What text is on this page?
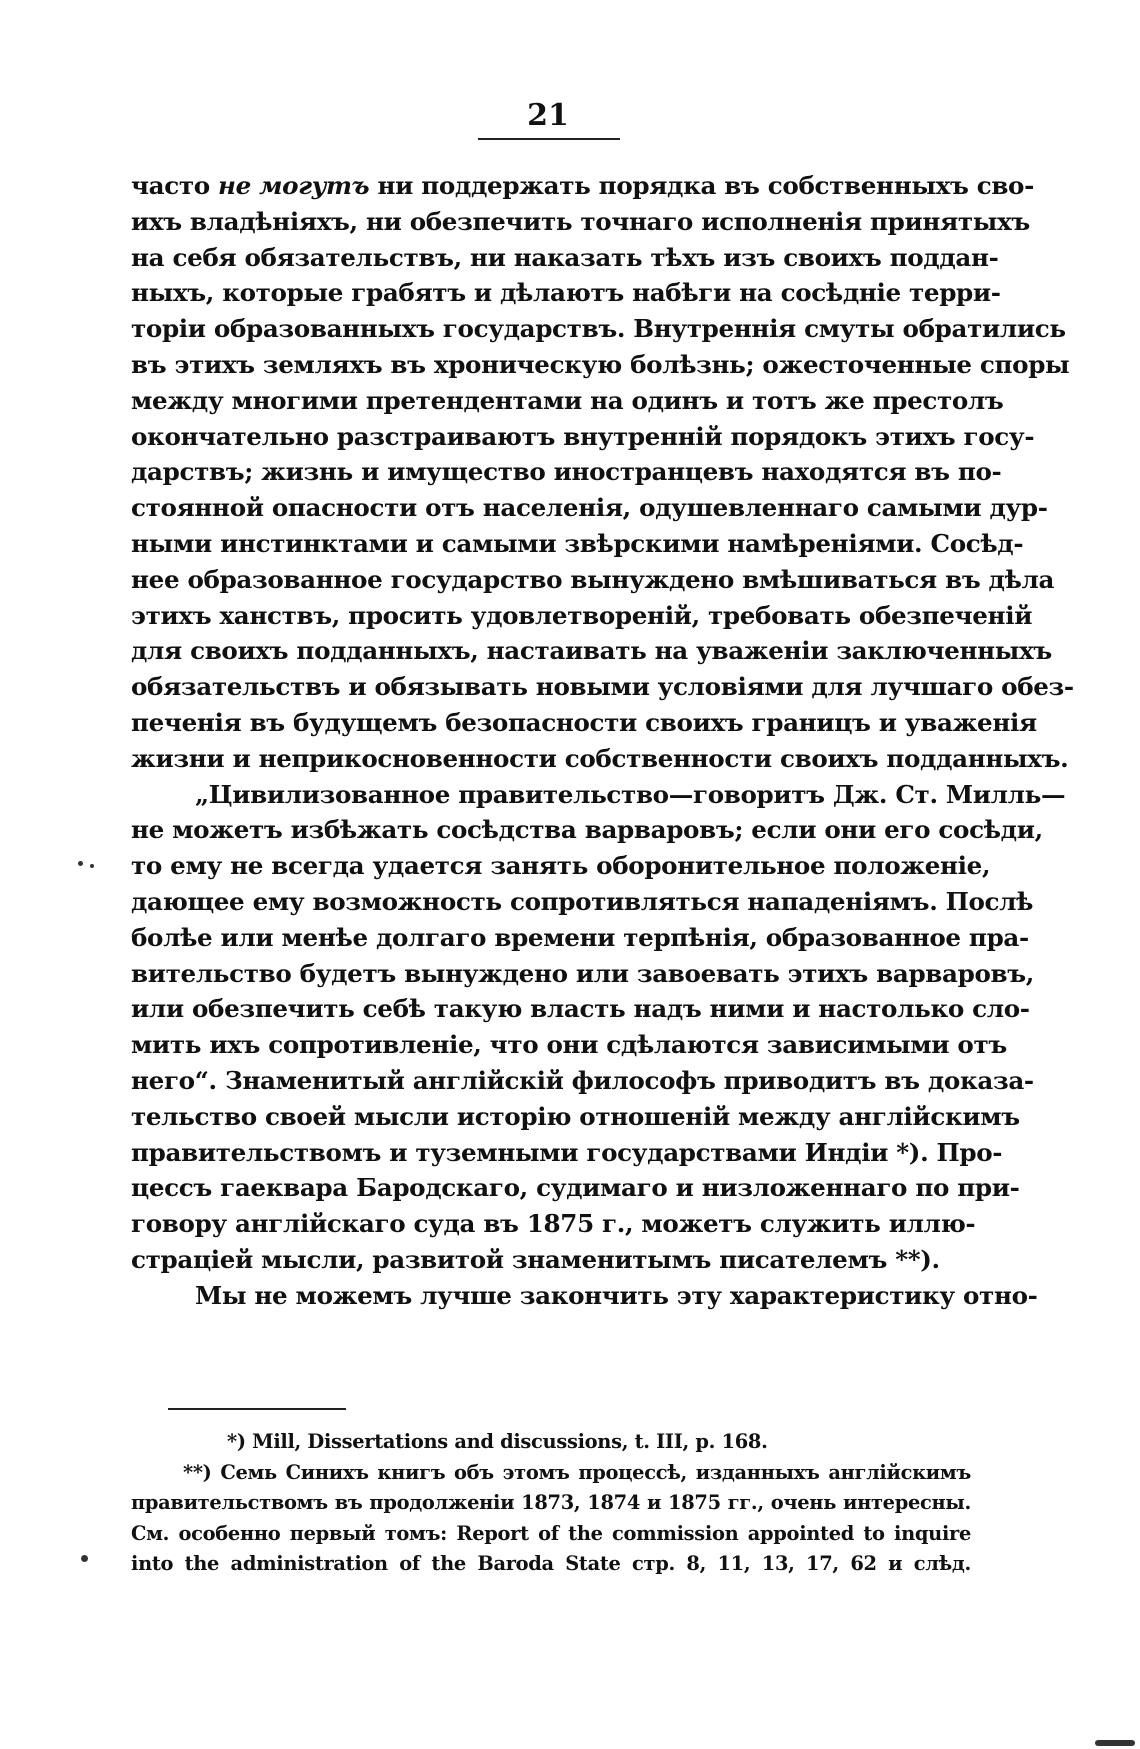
21
часто не могутъ ни поддержать порядка въ собственныхъ сво-
ихъ владѣніяхъ, ни обезпечить точнаго исполненія принятыхъ
на себя обязательствъ, ни наказать тѣхъ изъ своихъ поддан-
ныхъ, которые грабятъ и дѣлаютъ набѣги на сосѣдніе терри-
торіи образованныхъ государствъ. Внутреннія смуты обратились
въ этихъ земляхъ въ хроническую болѣзнь; ожесточенные споры
между многими претендентами на одинъ и тотъ же престолъ
окончательно разстраиваютъ внутренній порядокъ этихъ госу-
дарствъ; жизнь и имущество иностранцевъ находятся въ по-
стоянной опасности отъ населенія, одушевленнаго самыми дур-
ными инстинктами и самыми звѣрскими намѣреніями. Сосѣд-
нее образованное государство вынуждено вмѣшиваться въ дѣла
этихъ ханствъ, просить удовлетвореній, требовать обезпеченій
для своихъ подданныхъ, настаивать на уваженіи заключенныхъ
обязательствъ и обязывать новыми условіями для лучшаго обез-
печенія въ будущемъ безопасности своихъ границъ и уваженія
жизни и неприкосновенности собственности своихъ подданныхъ.
„Цивилизованное правительство—говоритъ Дж. Ст. Милль—
не можетъ избѣжать сосѣдства варваровъ; если они его сосѣди,
то ему не всегда удается занять оборонительное положеніе,
дающее ему возможность сопротивляться нападеніямъ. Послѣ
болѣе или менѣе долгаго времени терпѣнія, образованное пра-
вительство будетъ вынуждено или завоевать этихъ варваровъ,
или обезпечить себѣ такую власть надъ ними и настолько сло-
мить ихъ сопротивленіе, что они сдѣлаются зависимыми отъ
него“. Знаменитый англійскій философъ приводитъ въ доказа-
тельство своей мысли исторію отношеній между англійскимъ
правительствомъ и туземными государствами Индіи *). Про-
цессъ гаеквара Бародскаго, судимаго и низложеннаго по при-
говору англійскаго суда въ 1875 г., можетъ служить иллю-
страціей мысли, развитой знаменитымъ писателемъ **).
Мы не можемъ лучше закончить эту характеристику отно-
*) Mill, Dissertations and discussions, t. III, p. 168.
**) Семь Синихъ книгъ объ этомъ процессѣ, изданныхъ англійскимъ
правительствомъ въ продолженіи 1873, 1874 и 1875 гг., очень интересны.
См. особенно первый томъ: Report of the commission appointed to inquire
into the administration of the Baroda State стр. 8, 11, 13, 17, 62 и слѣд.
